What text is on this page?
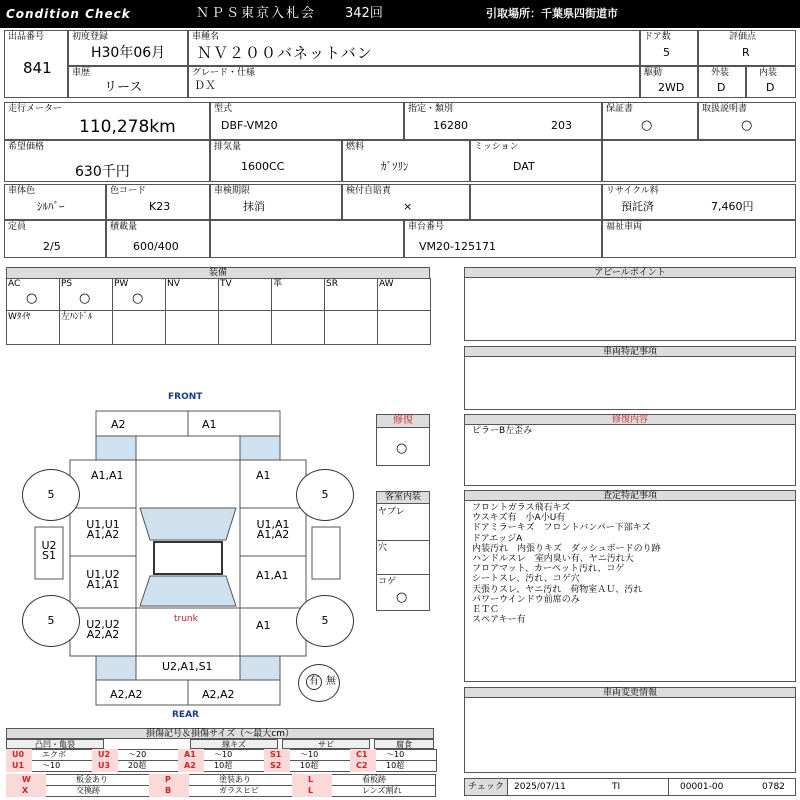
Condition Check	ＮＰＳ東京入札会 342回	引取場所：千葉県四街道市
出品番号
841
初度登録
H30年06月
車種名
ＮＶ２００バネットバン
ドア数
5
評価点
R
車歴
リース
グレード・仕様
ＤＸ
駆動
2WD
外装
D
内装
D
走行メーター
110,278km
型式
DBF-VM20
指定・類別
16280	203
保証書
○
取扱説明書
○
希望価格
630千円
排気量
1600CC
燃料
ｶﾞｿﾘﾝ
ミッション
DAT
車体色
ｼﾙﾊﾞｰ
色コード
K23
車検期限
抹消
検付自賠責
×
リサイクル料
預託済	7,460円
定員
2/5
積載量
600/400
車台番号
VM20-125171
福祉車両
装備
AC
○
PS
○
PW
○
NV	TV	革	SR	AW
Wﾀｲﾔ	左ﾊﾝﾄﾞﾙ
FRONT
REAR
trunk
A2	A1
A1,A1	A1
U1,U1
A1,A2
U1,A1
A1,A2
U1,U2
A1,A1
A1,A1
U2,U2
A2,A2
A1
U2
S1
U2,A1,S1
A2,A2	A2,A2
5	5
5	5
有 無
修復
○
客室内装
ヤブレ
穴
コゲ
○
アピールポイント
車両特記事項
修復内容
ピラーB左歪み
査定特記事項
フロントガラス飛石キズ
ウスキズ有　小A小U有
ドアミラーキズ　フロントバンパー下部キズ
ドアエッジA
内装汚れ　内張りキズ　ダッシュボードのり跡
ハンドルスレ　室内臭い有、ヤニ汚れ大
フロアマット、カーペット汚れ、コゲ
シートスレ、汚れ、コゲ穴
天張りスレ、ヤニ汚れ　荷物室ＡＵ、汚れ
パワーウインドウ前席のみ
ＥＴＣ
スペアキー有
車両変更情報
損傷記号＆損傷サイズ（～最大cm）
凸凹・亀裂	線キズ	サビ	腐食
U0 エクボ	U2 ～20	A1 ～10	S1 ～10	C1 ～10
U1 ～10	U3 20超	A2 10超	S2 10超	C2 10超
W	板金あり	P	塗装あり	L	看板跡
X	交換跡	B	ガラスヒビ	L	レンズ割れ	チェック	2025/07/11	TI	00001-00	0782
